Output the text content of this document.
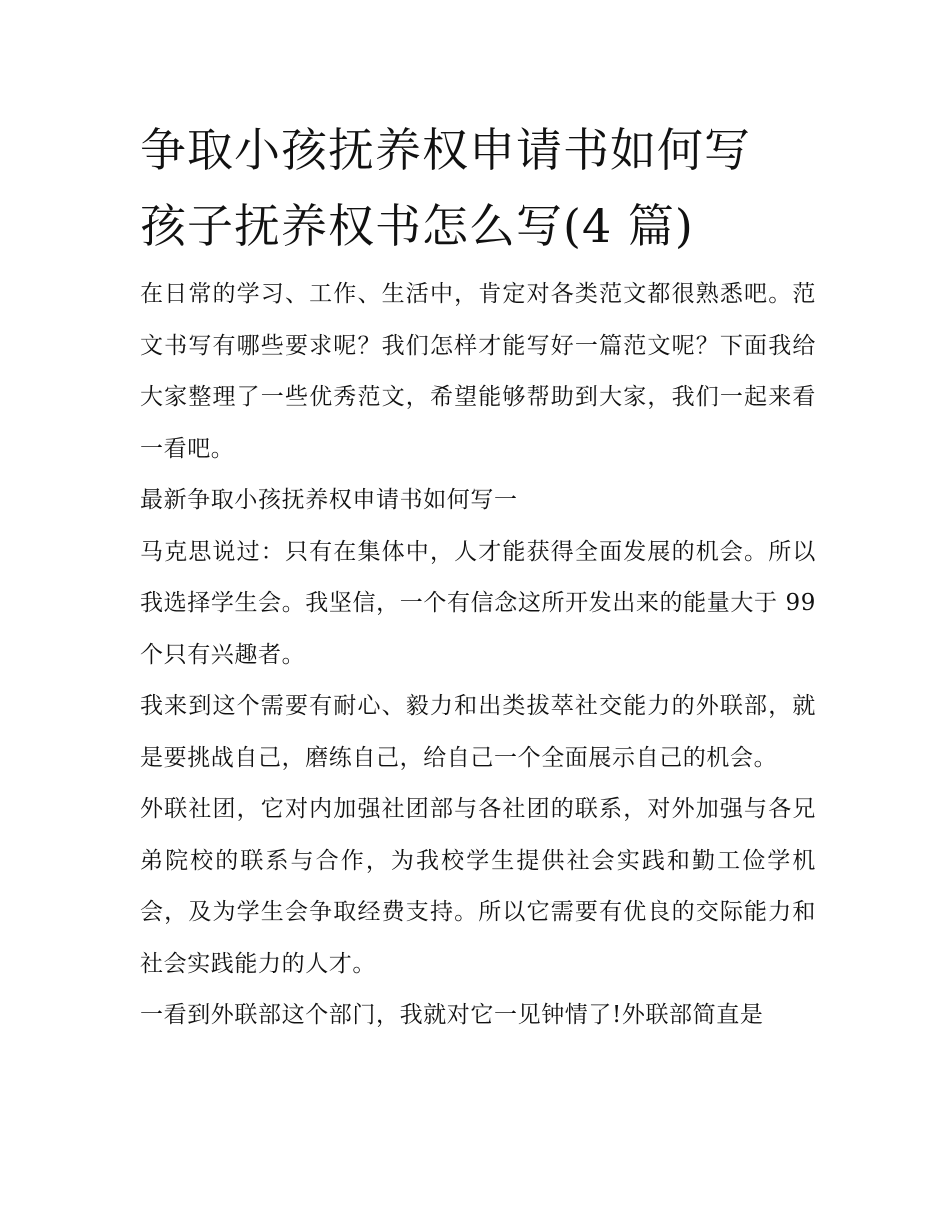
争取小孩抚养权申请书如何写
孩子抚养权书怎么写(4 篇)

在日常的学习、工作、生活中，肯定对各类范文都很熟悉吧。范文书写有哪些要求呢？我们怎样才能写好一篇范文呢？下面我给大家整理了一些优秀范文，希望能够帮助到大家，我们一起来看一看吧。

最新争取小孩抚养权申请书如何写一

马克思说过：只有在集体中，人才能获得全面发展的机会。所以我选择学生会。我坚信，一个有信念这所开发出来的能量大于 99 个只有兴趣者。

我来到这个需要有耐心、毅力和出类拔萃社交能力的外联部，就是要挑战自己，磨练自己，给自己一个全面展示自己的机会。

外联社团，它对内加强社团部与各社团的联系，对外加强与各兄弟院校的联系与合作，为我校学生提供社会实践和勤工俭学机会，及为学生会争取经费支持。所以它需要有优良的交际能力和社会实践能力的人才。

一看到外联部这个部门，我就对它一见钟情了!外联部简直是
